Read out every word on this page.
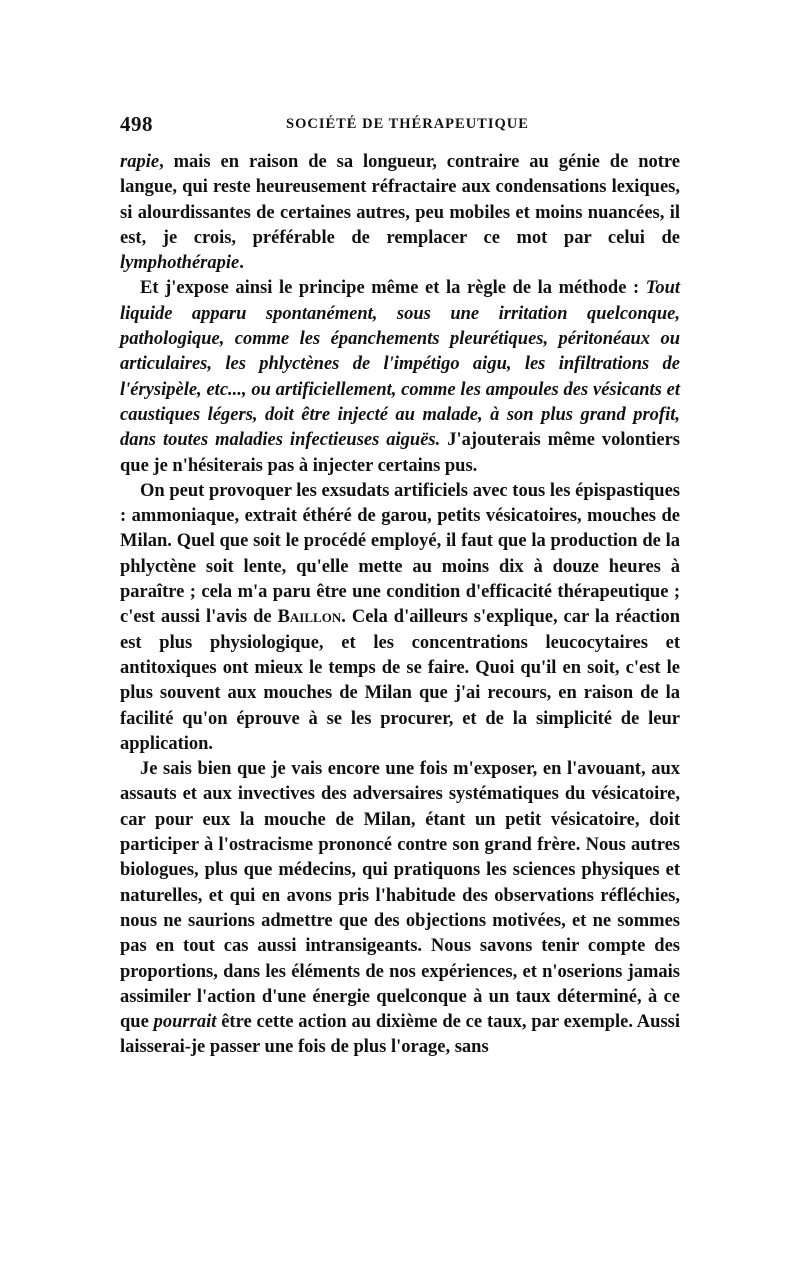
498	SOCIÉTÉ DE THÉRAPEUTIQUE

rapie, mais en raison de sa longueur, contraire au génie de notre langue, qui reste heureusement réfractaire aux condensations lexiques, si alourdissantes de certaines autres, peu mobiles et moins nuancées, il est, je crois, préférable de remplacer ce mot par celui de lymphothérapie.

Et j'expose ainsi le principe même et la règle de la méthode : Tout liquide apparu spontanément, sous une irritation quelconque, pathologique, comme les épanchements pleurétiques, péritonéaux ou articulaires, les phlyctènes de l'impétigo aigu, les infiltrations de l'érysipèle, etc..., ou artificiellement, comme les ampoules des vésicants et caustiques légers, doit être injecté au malade, à son plus grand profit, dans toutes maladies infectieuses aiguës. J'ajouterais même volontiers que je n'hésiterais pas à injecter certains pus.

On peut provoquer les exsudats artificiels avec tous les épispastiques : ammoniaque, extrait éthéré de garou, petits vésicatoires, mouches de Milan. Quel que soit le procédé employé, il faut que la production de la phlyctène soit lente, qu'elle mette au moins dix à douze heures à paraître ; cela m'a paru être une condition d'efficacité thérapeutique ; c'est aussi l'avis de Baillon. Cela d'ailleurs s'explique, car la réaction est plus physiologique, et les concentrations leucocytaires et antitoxiques ont mieux le temps de se faire. Quoi qu'il en soit, c'est le plus souvent aux mouches de Milan que j'ai recours, en raison de la facilité qu'on éprouve à se les procurer, et de la simplicité de leur application.

Je sais bien que je vais encore une fois m'exposer, en l'avouant, aux assauts et aux invectives des adversaires systématiques du vésicatoire, car pour eux la mouche de Milan, étant un petit vésicatoire, doit participer à l'ostracisme prononcé contre son grand frère. Nous autres biologues, plus que médecins, qui pratiquons les sciences physiques et naturelles, et qui en avons pris l'habitude des observations réfléchies, nous ne saurions admettre que des objections motivées, et ne sommes pas en tout cas aussi intransigeants. Nous savons tenir compte des proportions, dans les éléments de nos expériences, et n'oserions jamais assimiler l'action d'une énergie quelconque à un taux déterminé, à ce que pourrait être cette action au dixième de ce taux, par exemple. Aussi laisserai-je passer une fois de plus l'orage, sans
